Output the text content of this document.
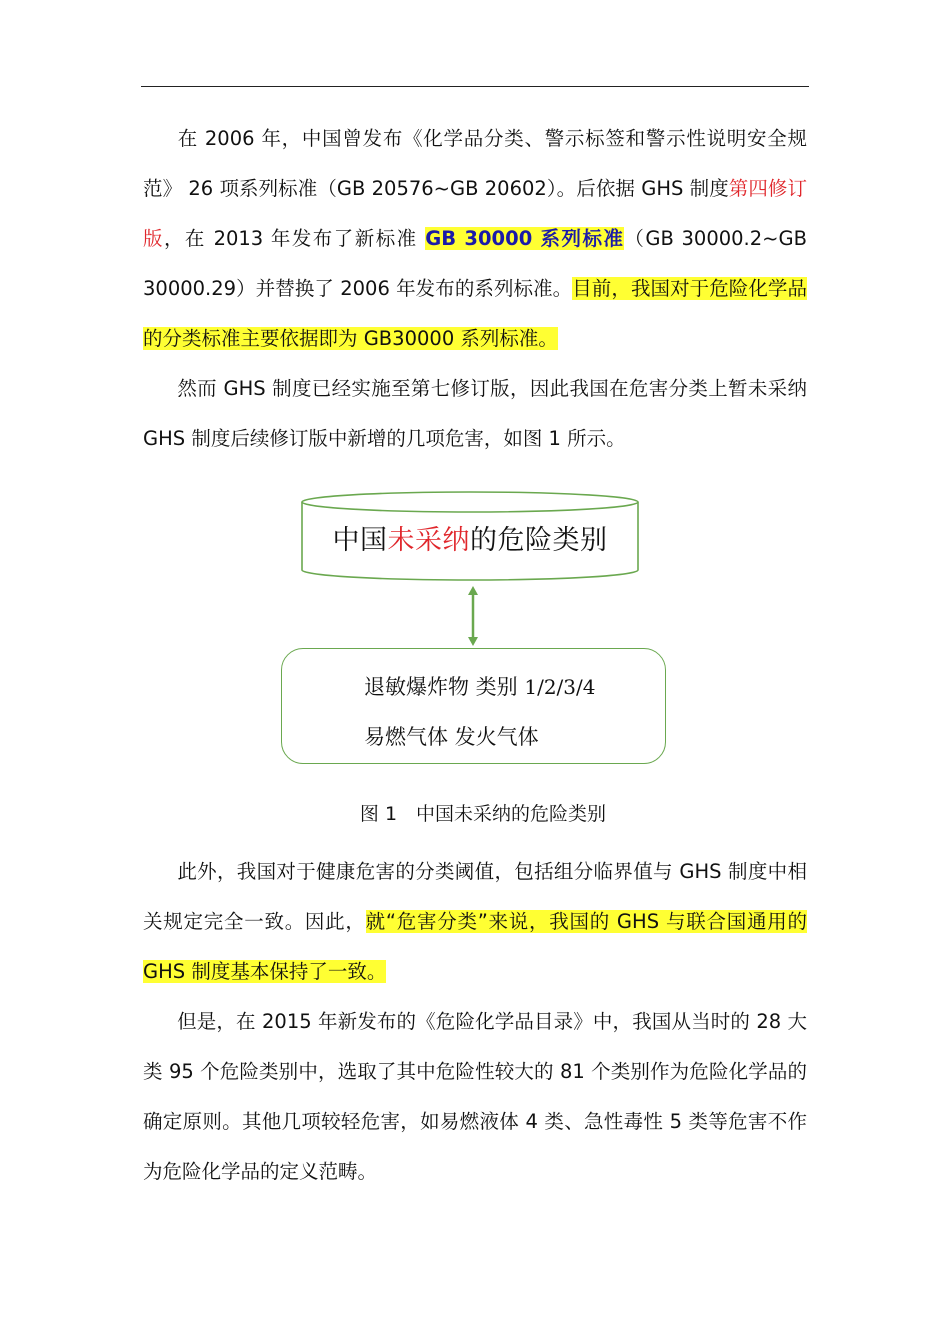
在 2006 年，中国曾发布《化学品分类、警示标签和警示性说明安全规范》 26 项系列标准（GB 20576~GB 20602）。后依据 GHS 制度第四修订版，在 2013 年发布了新标准 GB 30000 系列标准（GB 30000.2~GB 30000.29）并替换了 2006 年发布的系列标准。目前，我国对于危险化学品的分类标准主要依据即为 GB30000 系列标准。

然而 GHS 制度已经实施至第七修订版，因此我国在危害分类上暂未采纳 GHS 制度后续修订版中新增的几项危害，如图 1 所示。

中国未采纳的危险类别
退敏爆炸物 类别 1/2/3/4
易燃气体 发火气体
图 1　中国未采纳的危险类别

此外，我国对于健康危害的分类阈值，包括组分临界值与 GHS 制度中相关规定完全一致。因此，就“危害分类”来说，我国的 GHS 与联合国通用的 GHS 制度基本保持了一致。

但是，在 2015 年新发布的《危险化学品目录》中，我国从当时的 28 大类 95 个危险类别中，选取了其中危险性较大的 81 个类别作为危险化学品的确定原则。其他几项较轻危害，如易燃液体 4 类、急性毒性 5 类等危害不作为危险化学品的定义范畴。
